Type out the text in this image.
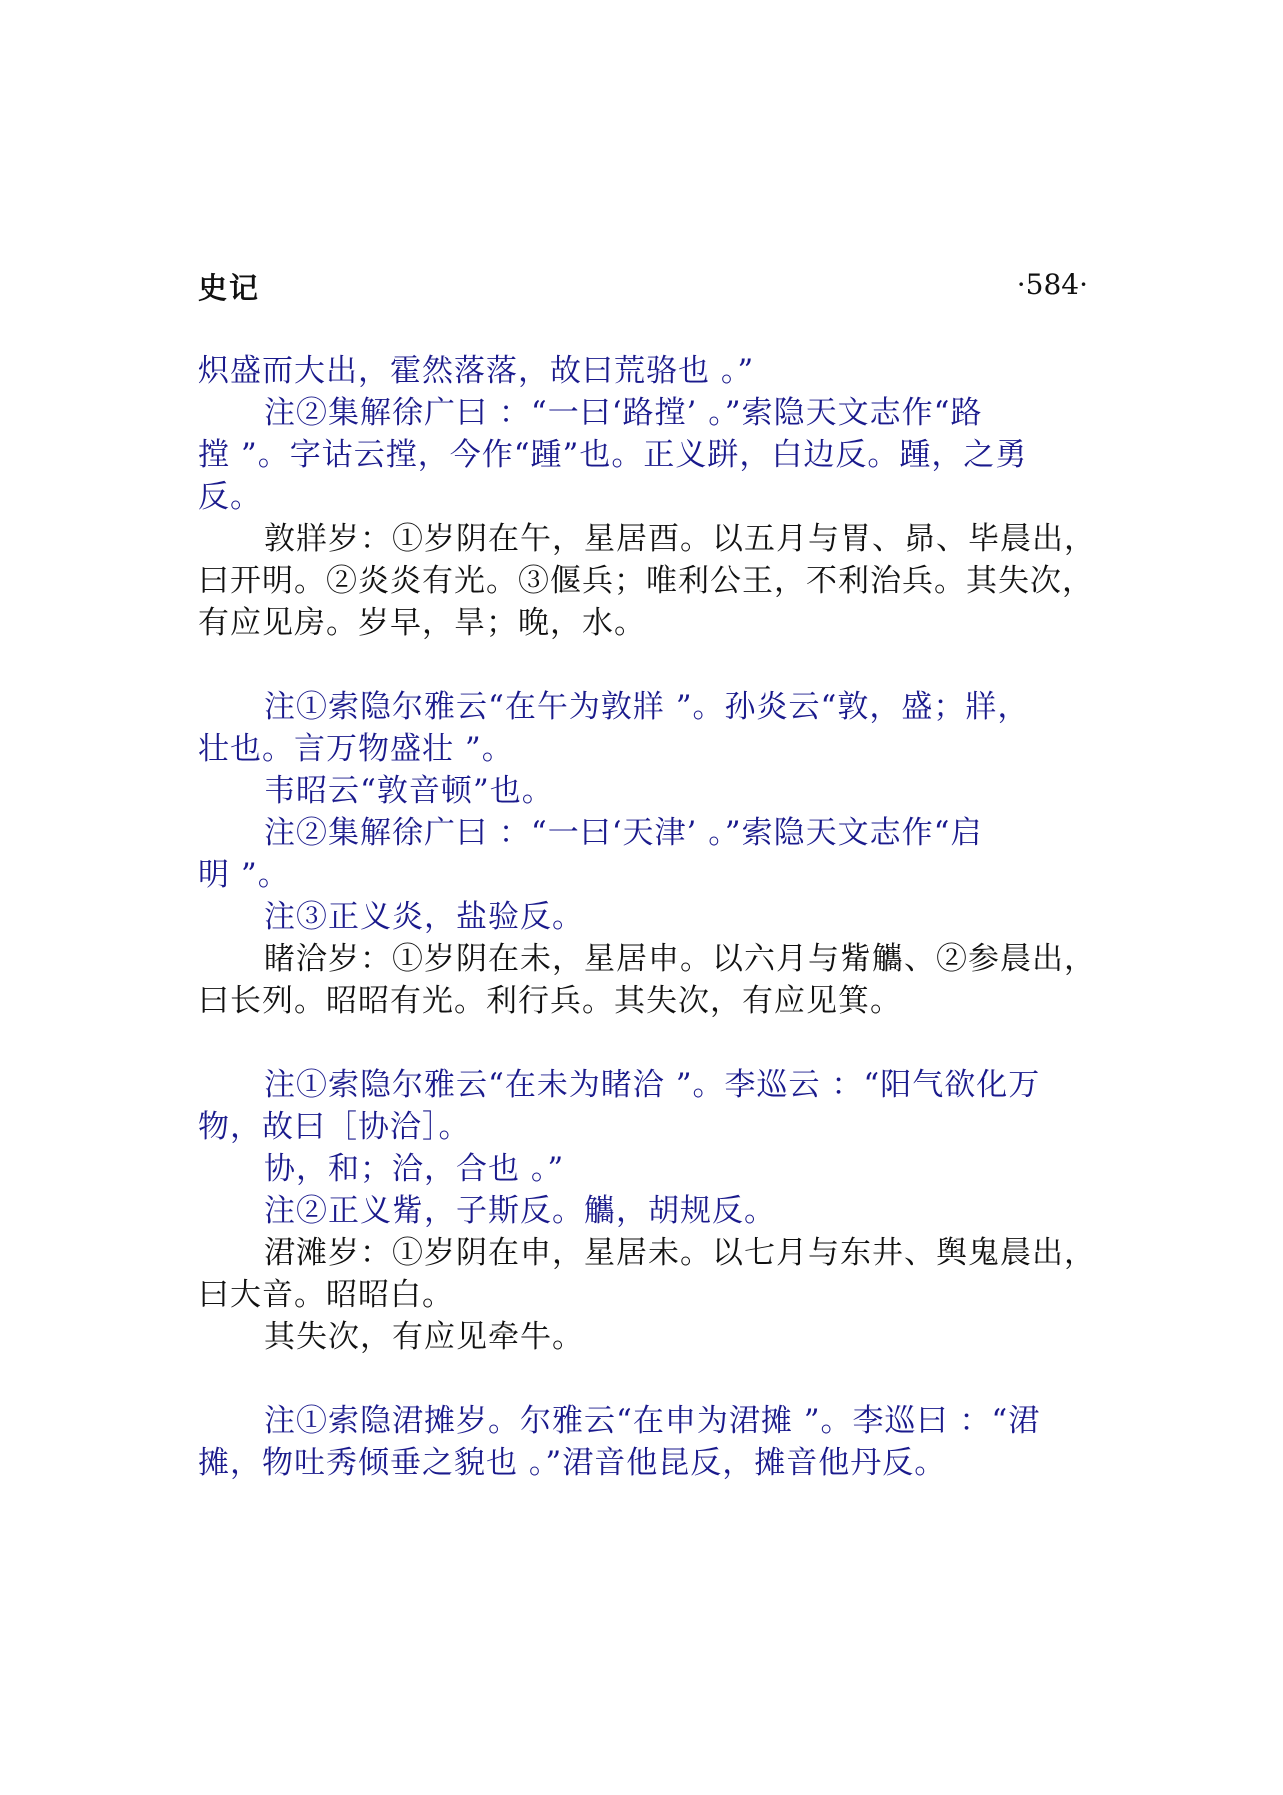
史记	·584·
炽盛而大出，霍然落落，故曰荒骆也 。”
注②集解徐广曰 ：“一曰‘路摚’ 。”索隐天文志作“路
摚 ”。字诂云摚，今作“踵”也。正义跰，白边反。踵，之勇
反。
敦牂岁：①岁阴在午，星居酉。以五月与胃、昴、毕晨出，
曰开明。②炎炎有光。③偃兵；唯利公王，不利治兵。其失次，
有应见房。岁早，旱；晚，水。
注①索隐尔雅云“在午为敦牂 ”。孙炎云“敦，盛；牂，
壮也。言万物盛壮 ”。
韦昭云“敦音顿”也。
注②集解徐广曰 ：“一曰‘天津’ 。”索隐天文志作“启
明 ”。
注③正义炎，盐验反。
睹洽岁：①岁阴在未，星居申。以六月与觜觿、②参晨出，
曰长列。昭昭有光。利行兵。其失次，有应见箕。
注①索隐尔雅云“在未为睹洽 ”。李巡云 ：“阳气欲化万
物，故曰［协洽］。
协，和；洽，合也 。”
注②正义觜，子斯反。觿，胡规反。
涒滩岁：①岁阴在申，星居未。以七月与东井、舆鬼晨出，
曰大音。昭昭白。
其失次，有应见牵牛。
注①索隐涒摊岁。尔雅云“在申为涒摊 ”。李巡曰 ：“涒
摊，物吐秀倾垂之貌也 。”涒音他昆反，摊音他丹反。
